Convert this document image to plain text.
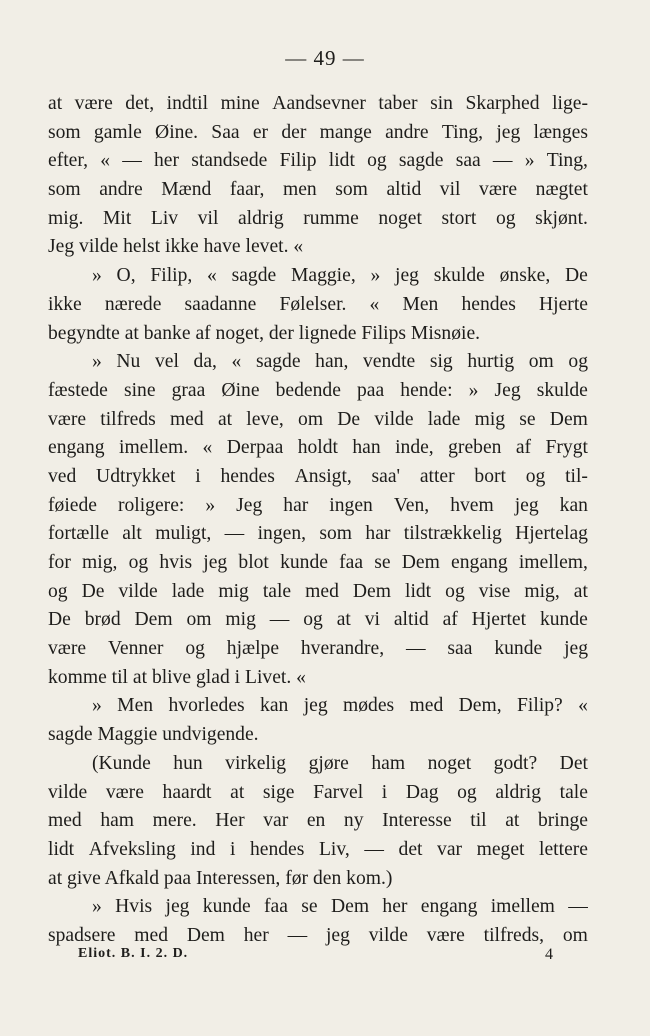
— 49 —
at være det, indtil mine Aandsevner taber sin Skarphed lige-
som gamle Øine. Saa er der mange andre Ting, jeg længes
efter, « — her standsede Filip lidt og sagde saa — » Ting,
som andre Mænd faar, men som altid vil være nægtet
mig. Mit Liv vil aldrig rumme noget stort og skjønt.
Jeg vilde helst ikke have levet. «
» O, Filip, « sagde Maggie, » jeg skulde ønske, De
ikke nærede saadanne Følelser. « Men hendes Hjerte
begyndte at banke af noget, der lignede Filips Misnøie.
» Nu vel da, « sagde han, vendte sig hurtig om og
fæstede sine graa Øine bedende paa hende: » Jeg skulde
være tilfreds med at leve, om De vilde lade mig se Dem
engang imellem. « Derpaa holdt han inde, greben af Frygt
ved Udtrykket i hendes Ansigt, saa' atter bort og til-
føiede roligere: » Jeg har ingen Ven, hvem jeg kan
fortælle alt muligt, — ingen, som har tilstrækkelig Hjertelag
for mig, og hvis jeg blot kunde faa se Dem engang imellem,
og De vilde lade mig tale med Dem lidt og vise mig, at
De brød Dem om mig — og at vi altid af Hjertet kunde
være Venner og hjælpe hverandre, — saa kunde jeg
komme til at blive glad i Livet. «
» Men hvorledes kan jeg mødes med Dem, Filip? «
sagde Maggie undvigende.
(Kunde hun virkelig gjøre ham noget godt? Det
vilde være haardt at sige Farvel i Dag og aldrig tale
med ham mere. Her var en ny Interesse til at bringe
lidt Afveksling ind i hendes Liv, — det var meget lettere
at give Afkald paa Interessen, før den kom.)
» Hvis jeg kunde faa se Dem her engang imellem —
spadsere med Dem her — jeg vilde være tilfreds, om
Eliot. B. I. 2. D.	4
